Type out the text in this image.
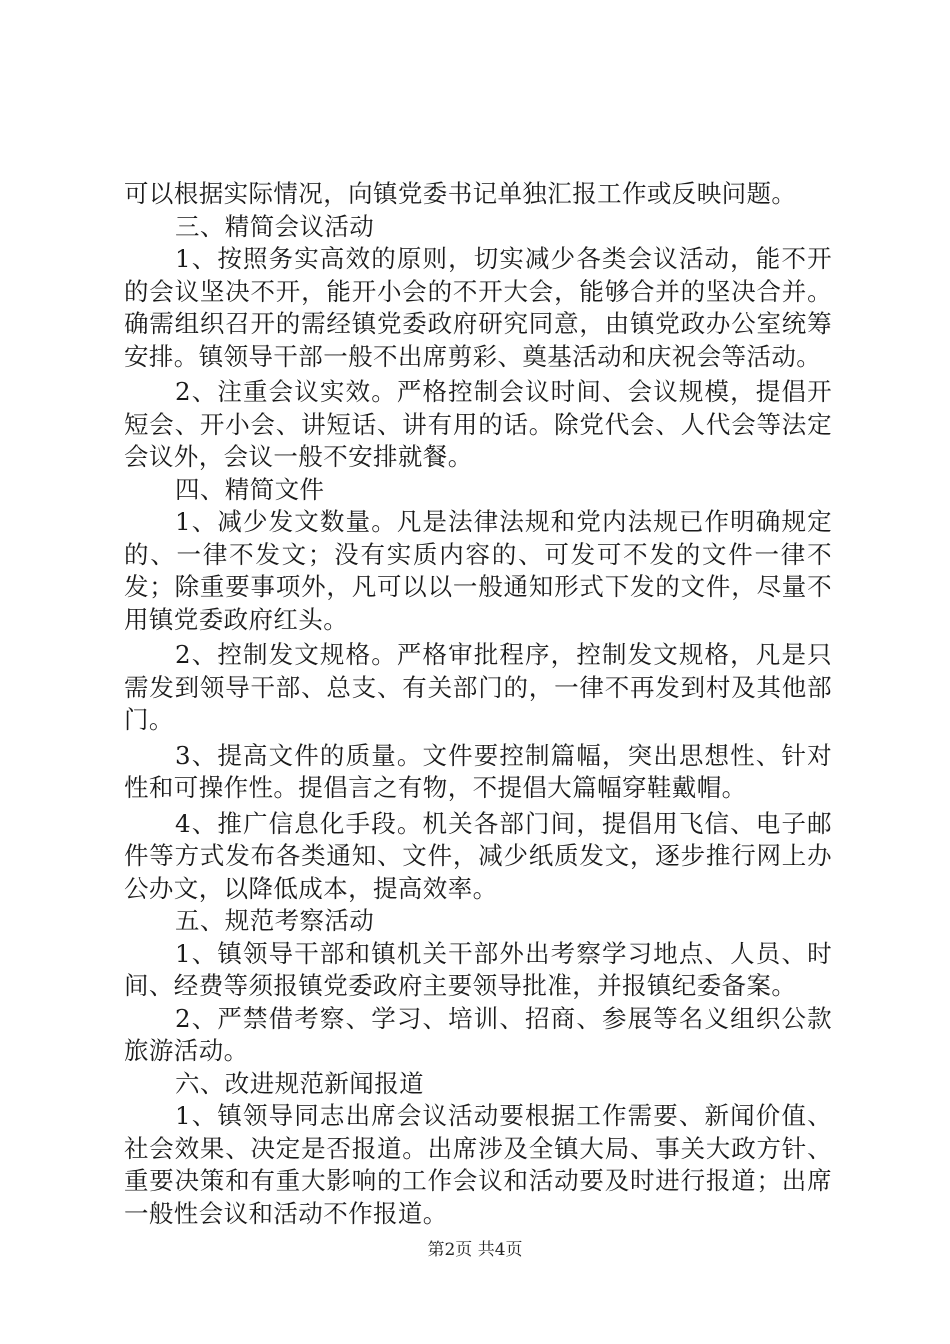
可以根据实际情况，向镇党委书记单独汇报工作或反映问题。

三、精简会议活动

1、按照务实高效的原则，切实减少各类会议活动，能不开的会议坚决不开，能开小会的不开大会，能够合并的坚决合并。确需组织召开的需经镇党委政府研究同意，由镇党政办公室统筹安排。镇领导干部一般不出席剪彩、奠基活动和庆祝会等活动。

2、注重会议实效。严格控制会议时间、会议规模，提倡开短会、开小会、讲短话、讲有用的话。除党代会、人代会等法定会议外，会议一般不安排就餐。

四、精简文件

1、减少发文数量。凡是法律法规和党内法规已作明确规定的、一律不发文；没有实质内容的、可发可不发的文件一律不发；除重要事项外，凡可以以一般通知形式下发的文件，尽量不用镇党委政府红头。

2、控制发文规格。严格审批程序，控制发文规格，凡是只需发到领导干部、总支、有关部门的，一律不再发到村及其他部门。

3、提高文件的质量。文件要控制篇幅，突出思想性、针对性和可操作性。提倡言之有物，不提倡大篇幅穿鞋戴帽。

4、推广信息化手段。机关各部门间，提倡用飞信、电子邮件等方式发布各类通知、文件，减少纸质发文，逐步推行网上办公办文，以降低成本，提高效率。

五、规范考察活动

1、镇领导干部和镇机关干部外出考察学习地点、人员、时间、经费等须报镇党委政府主要领导批准，并报镇纪委备案。

2、严禁借考察、学习、培训、招商、参展等名义组织公款旅游活动。

六、改进规范新闻报道

1、镇领导同志出席会议活动要根据工作需要、新闻价值、社会效果、决定是否报道。出席涉及全镇大局、事关大政方针、重要决策和有重大影响的工作会议和活动要及时进行报道；出席一般性会议和活动不作报道。

第2页 共4页
